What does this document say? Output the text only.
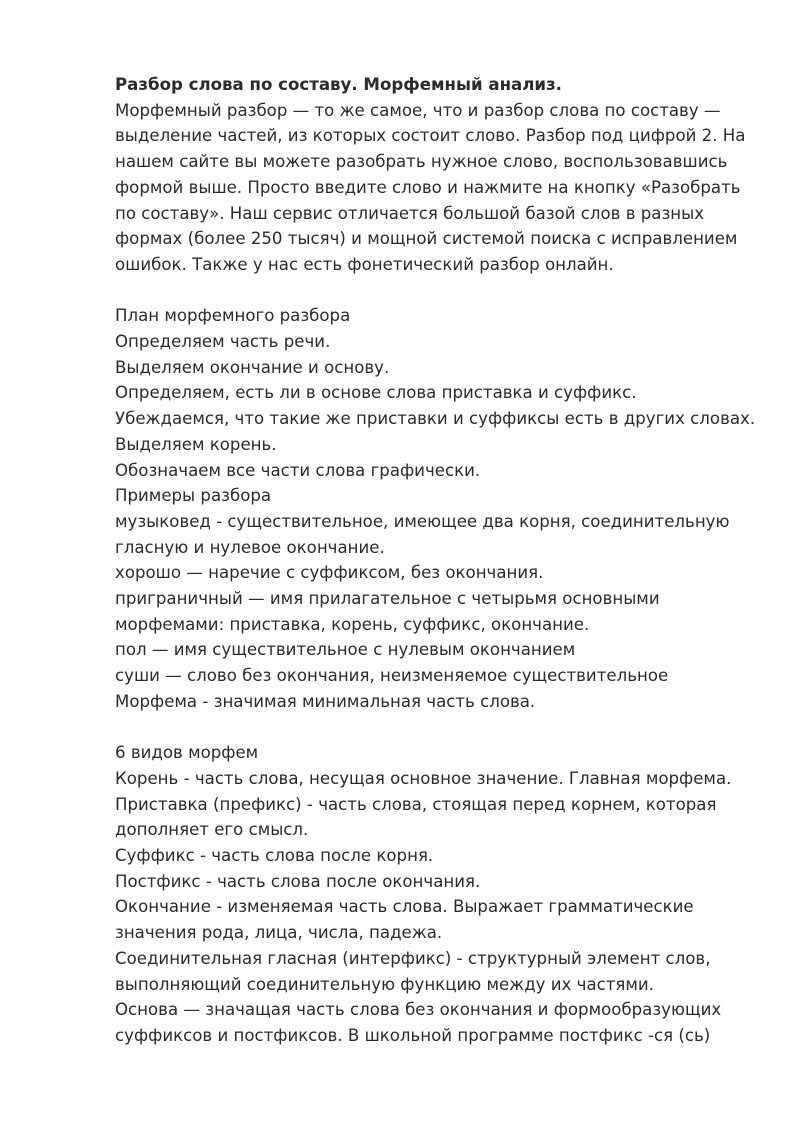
Разбор слова по составу. Морфемный анализ.
Морфемный разбор — то же самое, что и разбор слова по составу —
выделение частей, из которых состоит слово. Разбор под цифрой 2. На
нашем сайте вы можете разобрать нужное слово, воспользовавшись
формой выше. Просто введите слово и нажмите на кнопку «Разобрать
по составу». Наш сервис отличается большой базой слов в разных
формах (более 250 тысяч) и мощной системой поиска с исправлением
ошибок. Также у нас есть фонетический разбор онлайн.
План морфемного разбора
Определяем часть речи.
Выделяем окончание и основу.
Определяем, есть ли в основе слова приставка и суффикс.
Убеждаемся, что такие же приставки и суффиксы есть в других словах.
Выделяем корень.
Обозначаем все части слова графически.
Примеры разбора
музыковед - существительное, имеющее два корня, соединительную
гласную и нулевое окончание.
хорошо — наречие с суффиксом, без окончания.
приграничный — имя прилагательное с четырьмя основными
морфемами: приставка, корень, суффикс, окончание.
пол — имя существительное с нулевым окончанием
суши — слово без окончания, неизменяемое существительное
Морфема - значимая минимальная часть слова.
6 видов морфем
Корень - часть слова, несущая основное значение. Главная морфема.
Приставка (префикс) - часть слова, стоящая перед корнем, которая
дополняет его смысл.
Суффикс - часть слова после корня.
Постфикс - часть слова после окончания.
Окончание - изменяемая часть слова. Выражает грамматические
значения рода, лица, числа, падежа.
Соединительная гласная (интерфикс) - структурный элемент слов,
выполняющий соединительную функцию между их частями.
Основа — значащая часть слова без окончания и формообразующих
суффиксов и постфиксов. В школьной программе постфикс -ся (сь)
